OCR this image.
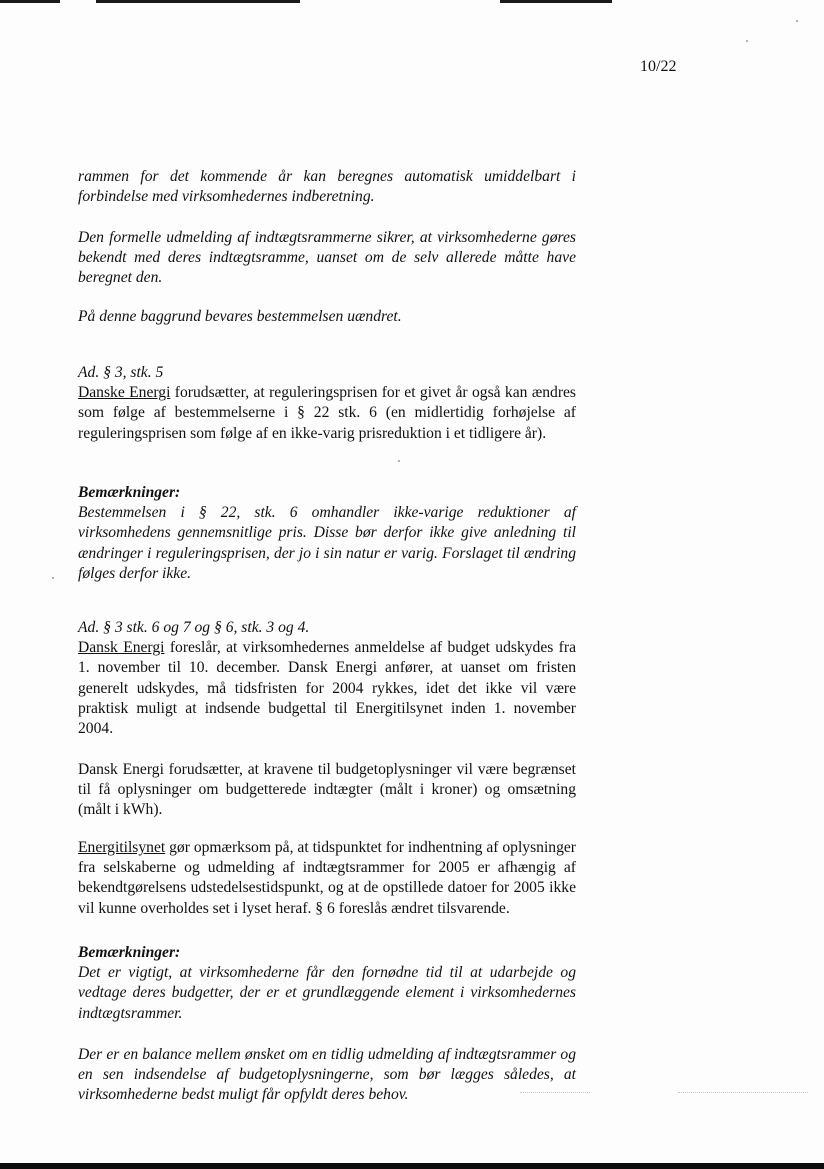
10/22

rammen for det kommende år kan beregnes automatisk umiddelbart i forbindelse med virksomhedernes indberetning.

Den formelle udmelding af indtægtsrammerne sikrer, at virksomhederne gøres bekendt med deres indtægtsramme, uanset om de selv allerede måtte have beregnet den.

På denne baggrund bevares bestemmelsen uændret.

Ad. § 3, stk. 5

Danske Energi forudsætter, at reguleringsprisen for et givet år også kan ændres som følge af bestemmelserne i § 22 stk. 6 (en midlertidig forhøjelse af reguleringsprisen som følge af en ikke-varig prisreduktion i et tidligere år).

Bemærkninger:

Bestemmelsen i § 22, stk. 6 omhandler ikke-varige reduktioner af virksomhedens gennemsnitlige pris. Disse bør derfor ikke give anledning til ændringer i reguleringsprisen, der jo i sin natur er varig. Forslaget til ændring følges derfor ikke.

Ad. § 3 stk. 6 og 7 og § 6, stk. 3 og 4.

Dansk Energi foreslår, at virksomhedernes anmeldelse af budget udskydes fra 1. november til 10. december. Dansk Energi anfører, at uanset om fristen generelt udskydes, må tidsfristen for 2004 rykkes, idet det ikke vil være praktisk muligt at indsende budgettal til Energitilsynet inden 1. november 2004.

Dansk Energi forudsætter, at kravene til budgetoplysninger vil være begrænset til få oplysninger om budgetterede indtægter (målt i kroner) og omsætning (målt i kWh).

Energitilsynet gør opmærksom på, at tidspunktet for indhentning af oplysninger fra selskaberne og udmelding af indtægtsrammer for 2005 er afhængig af bekendtgørelsens udstedelsestidspunkt, og at de opstillede datoer for 2005 ikke vil kunne overholdes set i lyset heraf. § 6 foreslås ændret tilsvarende.

Bemærkninger:

Det er vigtigt, at virksomhederne får den fornødne tid til at udarbejde og vedtage deres budgetter, der er et grundlæggende element i virksomhedernes indtægtsrammer.

Der er en balance mellem ønsket om en tidlig udmelding af indtægtsrammer og en sen indsendelse af budgetoplysningerne, som bør lægges således, at virksomhederne bedst muligt får opfyldt deres behov.
